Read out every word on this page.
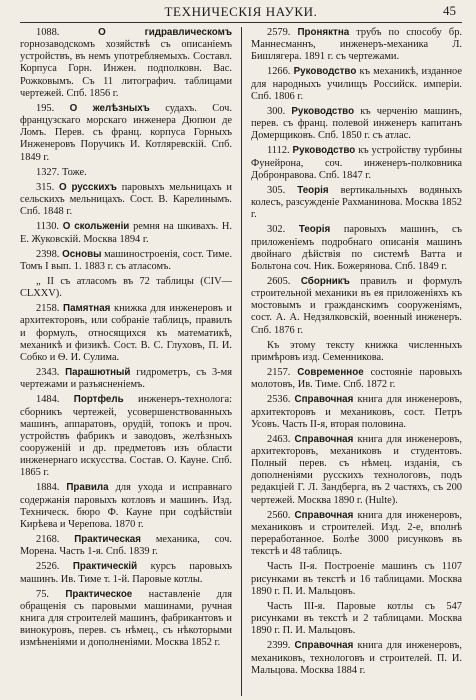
ТЕХНИЧЕСКІЯ НАУКИ.	45

1088.	О гидравлическомъ горнозаводскомъ хозяйствѣ съ описаніемъ устройствъ, въ немъ употребляемыхъ. Составл. Корпуса Горн. Инжен. подполковн. Вас. Рожковымъ. Съ 11 литографич. таблицами чертежей. Спб. 1856 г.

195. О желѣзныхъ судахъ. Соч. французскаго морскаго инженера Дюпюи де Ломъ. Перев. съ франц. корпуса Горныхъ Инженеровъ Поручикъ И. Котляревскій. Спб. 1849 г.

1327. Тоже.

315. О русскихъ паровыхъ мельницахъ и сельскихъ мельницахъ. Сост. В. Карелинымъ. Спб. 1848 г.

1130. О скольженіи ремня на шкивахъ. Н. Е. Жуковскій. Москва 1894 г.

2398. Основы машиностроенія, сост. Тиме. Томъ I вып. 1. 1883 г. съ атласомъ.

„ II съ атласомъ въ 72 таблицы (CIV—CLXXV).

2158. Памятная книжка для инженеровъ и архитекторовъ, или собраніе таблицъ, правилъ и формулъ, относящихся къ математикѣ, механикѣ и физикѣ. Сост. В. С. Глуховъ, П. И. Собко и Ѳ. И. Сулима.

2343. Парашютный гидрометръ, съ 3-мя чертежами и разъясненіемъ.

1484. Портфель инженеръ-технолога: сборникъ чертежей, усовершенствованныхъ машинъ, аппаратовъ, орудій, топокъ и проч. устройствъ фабрикъ и заводовъ, желѣзныхъ сооруженій и др. предметовъ изъ области инженернаго искусства. Состав. О. Кауне. Спб. 1865 г.

1884. Правила для ухода и исправнаго содержанія паровыхъ котловъ и машинъ. Изд. Техническ. бюро Ф. Кауне при содѣйствіи Кирѣева и Черепова. 1870 г.

2168. Практическая механика, соч. Морена. Часть 1-я. Спб. 1839 г.

2526. Практическій курсъ паровыхъ машинъ. Ив. Тиме т. 1-й. Паровые котлы.

75. Практическое наставленіе для обращенія съ паровыми машинами, ручная книга для строителей машинъ, фабрикантовъ и винокуровъ, перев. съ нѣмец., съ нѣкоторыми измѣненіями и дополненіями. Москва 1852 г.

2579. Проняктна трубъ по способу бр. Маннесманнъ, инженеръ-механика Л. Бишлягера. 1891 г. съ чертежами.

1266. Руководство къ механикѣ, изданное для народныхъ училищъ Российск. имперіи. Спб. 1806 г.

300. Руководство къ черченію машинъ, перев. съ франц. полевой инженеръ капитанъ Домерщиковъ. Спб. 1850 г. съ атлас.

1112. Руководство къ устройству турбины Фунейрона, соч. инженеръ-полковника Добронравова. Спб. 1847 г.

305. Теорія вертикальныхъ водяныхъ колесъ, разсужденіе Рахманинова. Москва 1852 г.

302. Теорія паровыхъ машинъ, съ приложеніемъ подробнаго описанія машинъ двойнаго дѣйствія по системѣ Ватта и Больтона соч. Ник. Божерянова. Спб. 1849 г.

2605. Сборникъ правилъ и формулъ строительной механики въ ея приложеніяхъ къ мостовымъ и гражданскимъ сооруженіямъ, сост. А. А. Недзялковскій, военный инженеръ. Спб. 1876 г.

Къ этому тексту книжка численныхъ примѣровъ изд. Семенникова.

2157. Современное состояніе паровыхъ молотовъ, Ив. Тиме. Спб. 1872 г.

2536. Справочная книга для инженеровъ, архитекторовъ и механиковъ, сост. Петръ Усовъ. Часть II-я, вторая половина.

2463. Справочная книга для инженеровъ, архитекторовъ, механиковъ и студентовъ. Полный перев. съ нѣмец. изданія, съ дополненіями русскихъ технологовъ, подъ редакціей Г. Л. Зандберга, въ 2 частяхъ, съ 200 чертежей. Москва 1890 г. (Hulte).

2560. Справочная книга для инженеровъ, механиковъ и строителей. Изд. 2-е, вполнѣ переработанное. Болѣе 3000 рисунковъ въ текстѣ и 48 таблицъ.

Часть II-я. Построеніе машинъ съ 1107 рисунками въ текстѣ и 16 таблицами. Москва 1890 г. П. И. Мальцовъ.

Часть III-я. Паровые котлы съ 547 рисунками въ текстѣ и 2 таблицами. Москва 1890 г. П. И. Мальцовъ.

2399. Справочная книга для инженеровъ, механиковъ, технологовъ и строителей. П. И. Мальцова. Москва 1884 г.
